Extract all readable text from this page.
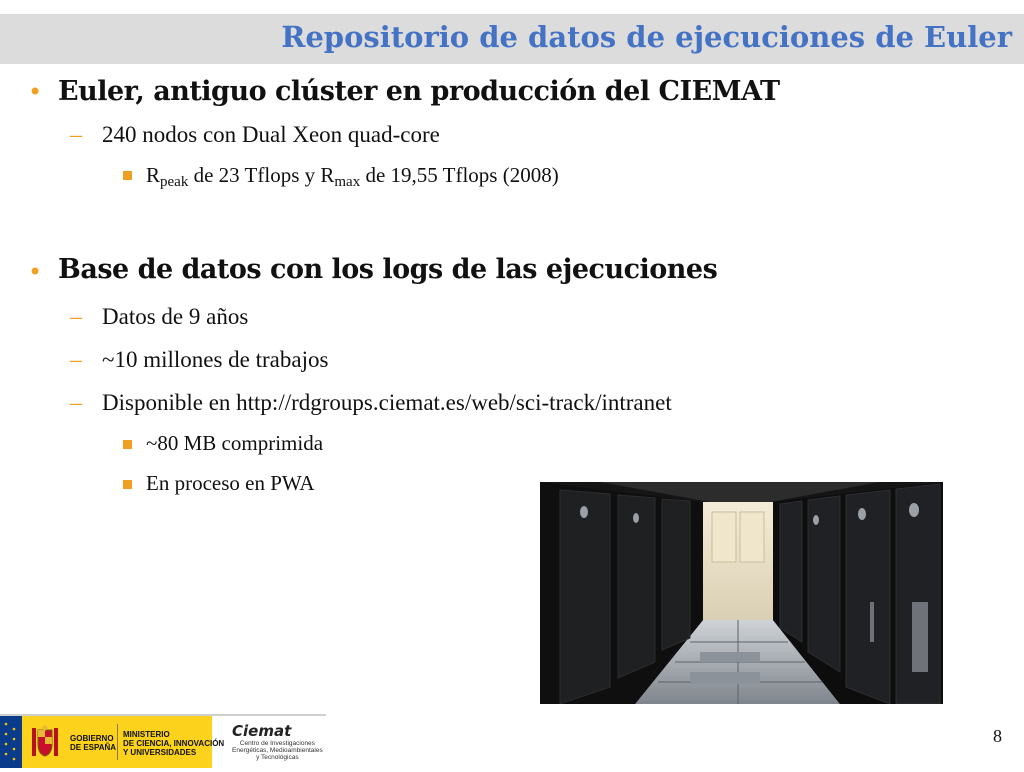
Repositorio de datos de ejecuciones de Euler
• Euler, antiguo clúster en producción del CIEMAT
– 240 nodos con Dual Xeon quad-core
$R_{peak}$ de 23 Tflops y $R_{max}$ de 19,55 Tflops (2008)
• Base de datos con los logs de las ejecuciones
– Datos de 9 años
– ~10 millones de trabajos
– Disponible en http://rdgroups.ciemat.es/web/sci-track/intranet
~80 MB comprimida
En proceso en PWA
GOBIERNO
DE ESPAÑA
MINISTERIO
DE CIENCIA, INNOVACIÓN
Y UNIVERSIDADES
Ciemat
Centro de Investigaciones
Energéticas, Medioambientales
y Tecnológicas
8
